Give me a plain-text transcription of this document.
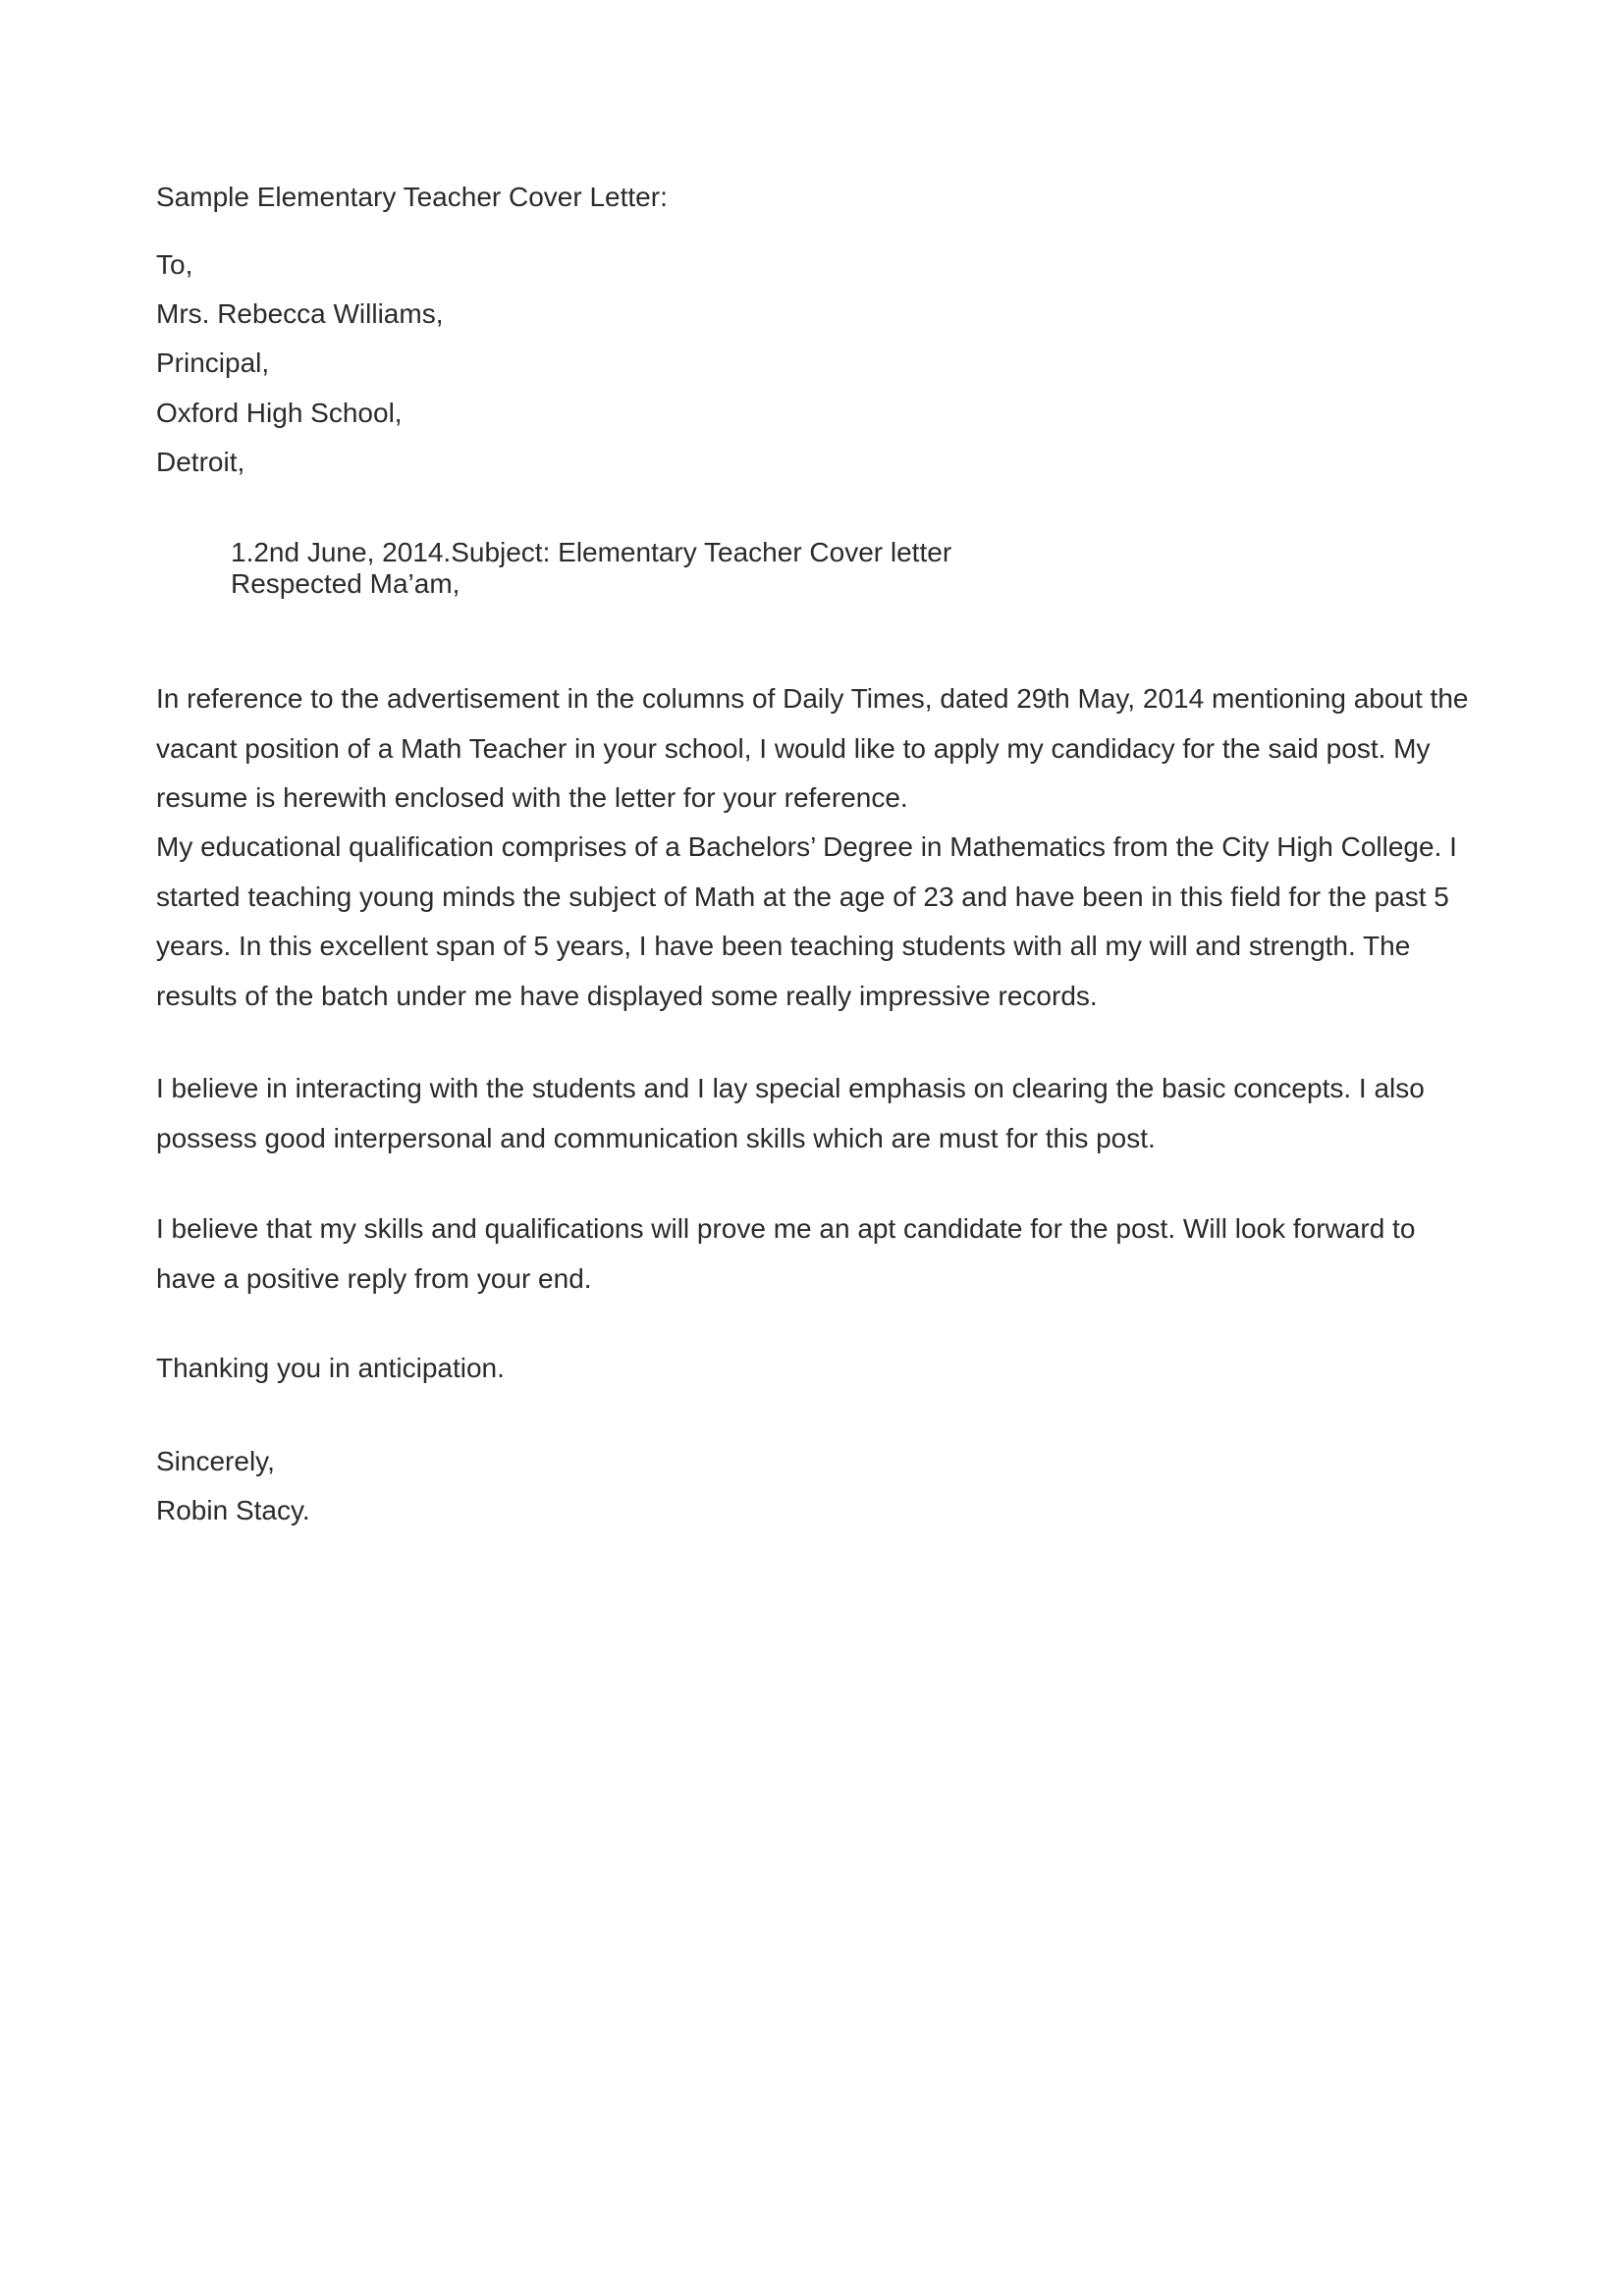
Sample Elementary Teacher Cover Letter:
To,
Mrs. Rebecca Williams,
Principal,
Oxford High School,
Detroit,
1.2nd June, 2014.Subject: Elementary Teacher Cover letter
Respected Ma’am,

In reference to the advertisement in the columns of Daily Times, dated 29th May, 2014 mentioning about the vacant position of a Math Teacher in your school, I would like to apply my candidacy for the said post. My resume is herewith enclosed with the letter for your reference.

My educational qualification comprises of a Bachelors’ Degree in Mathematics from the City High College. I started teaching young minds the subject of Math at the age of 23 and have been in this field for the past 5 years. In this excellent span of 5 years, I have been teaching students with all my will and strength. The results of the batch under me have displayed some really impressive records.

I believe in interacting with the students and I lay special emphasis on clearing the basic concepts. I also possess good interpersonal and communication skills which are must for this post.

I believe that my skills and qualifications will prove me an apt candidate for the post. Will look forward to have a positive reply from your end.

Thanking you in anticipation.

Sincerely,
Robin Stacy.
